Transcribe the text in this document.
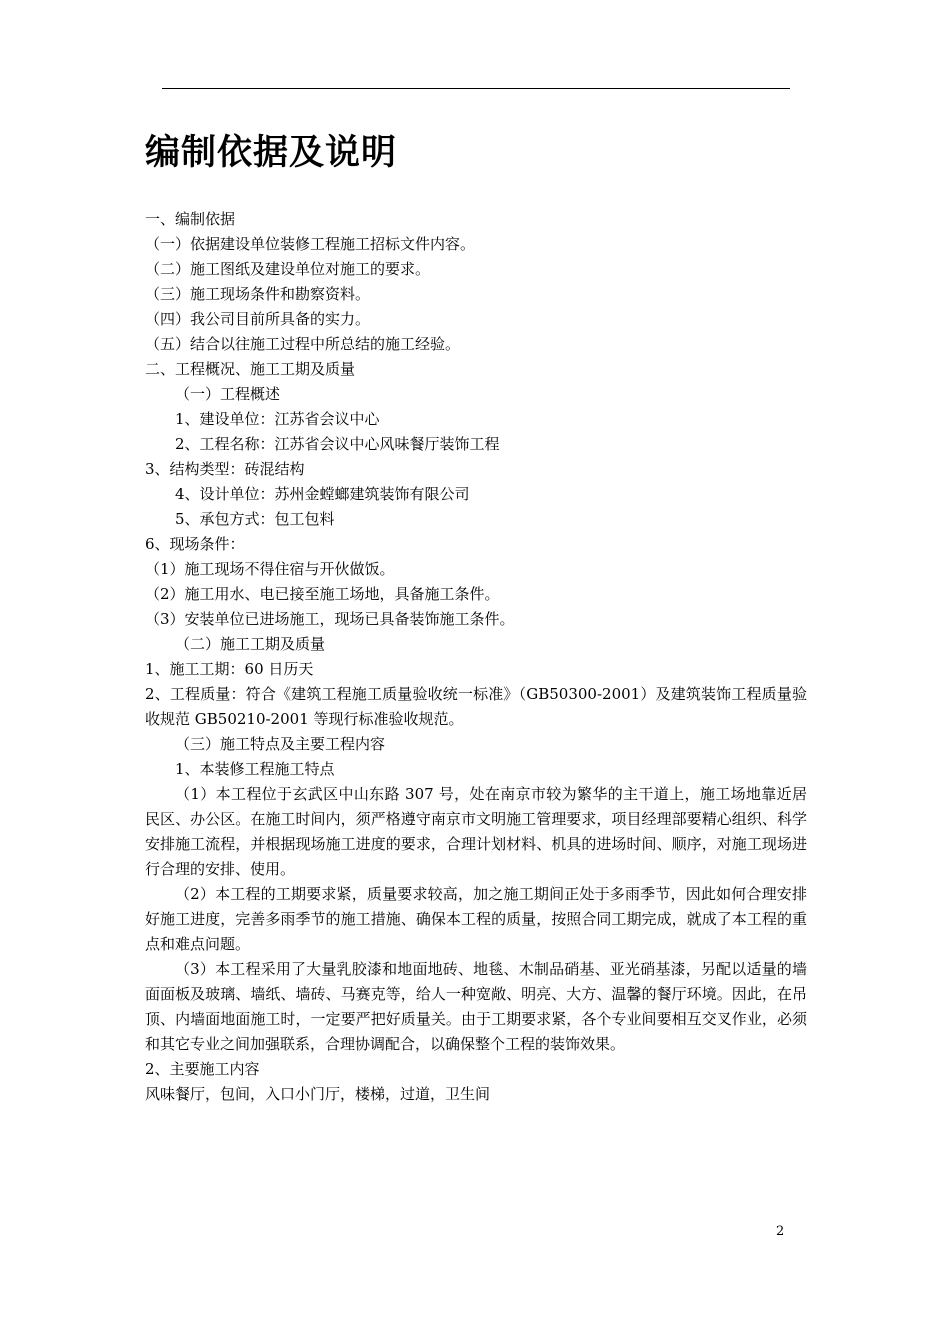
编制依据及说明

一、编制依据

（一）依据建设单位装修工程施工招标文件内容。

（二）施工图纸及建设单位对施工的要求。

（三）施工现场条件和勘察资料。

（四）我公司目前所具备的实力。

（五）结合以往施工过程中所总结的施工经验。

二、工程概况、施工工期及质量

（一）工程概述

1、建设单位：江苏省会议中心

2、工程名称：江苏省会议中心风味餐厅装饰工程

3、结构类型：砖混结构

4、设计单位：苏州金螳螂建筑装饰有限公司

5、承包方式：包工包料

6、现场条件：

（1）施工现场不得住宿与开伙做饭。

（2）施工用水、电已接至施工场地，具备施工条件。

（3）安装单位已进场施工，现场已具备装饰施工条件。

（二）施工工期及质量

1、施工工期：60 日历天

2、工程质量：符合《建筑工程施工质量验收统一标准》（GB50300-2001）及建筑装饰工程质量验收规范 GB50210-2001 等现行标准验收规范。

（三）施工特点及主要工程内容

1、本装修工程施工特点

（1）本工程位于玄武区中山东路 307 号，处在南京市较为繁华的主干道上，施工场地靠近居民区、办公区。在施工时间内，须严格遵守南京市文明施工管理要求，项目经理部要精心组织、科学安排施工流程，并根据现场施工进度的要求，合理计划材料、机具的进场时间、顺序，对施工现场进行合理的安排、使用。

（2）本工程的工期要求紧，质量要求较高，加之施工期间正处于多雨季节，因此如何合理安排好施工进度，完善多雨季节的施工措施、确保本工程的质量，按照合同工期完成，就成了本工程的重点和难点问题。

（3）本工程采用了大量乳胶漆和地面地砖、地毯、木制品硝基、亚光硝基漆，另配以适量的墙面面板及玻璃、墙纸、墙砖、马赛克等，给人一种宽敞、明亮、大方、温馨的餐厅环境。因此，在吊顶、内墙面地面施工时，一定要严把好质量关。由于工期要求紧，各个专业间要相互交叉作业，必须和其它专业之间加强联系，合理协调配合，以确保整个工程的装饰效果。

2、主要施工内容

风味餐厅，包间，入口小门厅，楼梯，过道，卫生间

2
